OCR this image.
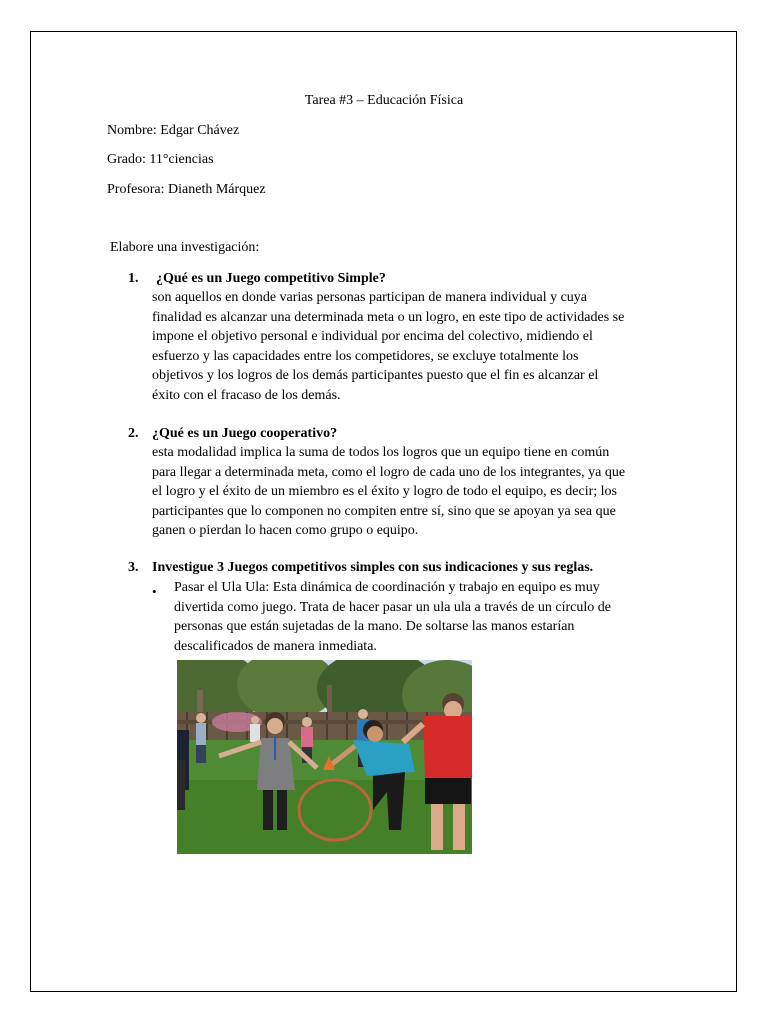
Tarea #3 – Educación Física
Nombre: Edgar Chávez
Grado: 11°ciencias
Profesora: Dianeth Márquez
Elabore una investigación:
1. ¿Qué es un Juego competitivo Simple?
son aquellos en donde varias personas participan de manera individual y cuya
finalidad es alcanzar una determinada meta o un logro, en este tipo de actividades se
impone el objetivo personal e individual por encima del colectivo, midiendo el
esfuerzo y las capacidades entre los competidores, se excluye totalmente los
objetivos y los logros de los demás participantes puesto que el fin es alcanzar el
éxito con el fracaso de los demás.
2. ¿Qué es un Juego cooperativo?
esta modalidad implica la suma de todos los logros que un equipo tiene en común
para llegar a determinada meta, como el logro de cada uno de los integrantes, ya que
el logro y el éxito de un miembro es el éxito y logro de todo el equipo, es decir; los
participantes que lo componen no compiten entre sí, sino que se apoyan ya sea que
ganen o pierdan lo hacen como grupo o equipo.
3. Investigue 3 Juegos competitivos simples con sus indicaciones y sus reglas.
• Pasar el Ula Ula: Esta dinámica de coordinación y trabajo en equipo es muy
divertida como juego. Trata de hacer pasar un ula ula a través de un círculo de
personas que están sujetadas de la mano. De soltarse las manos estarían
descalificados de manera inmediata.
